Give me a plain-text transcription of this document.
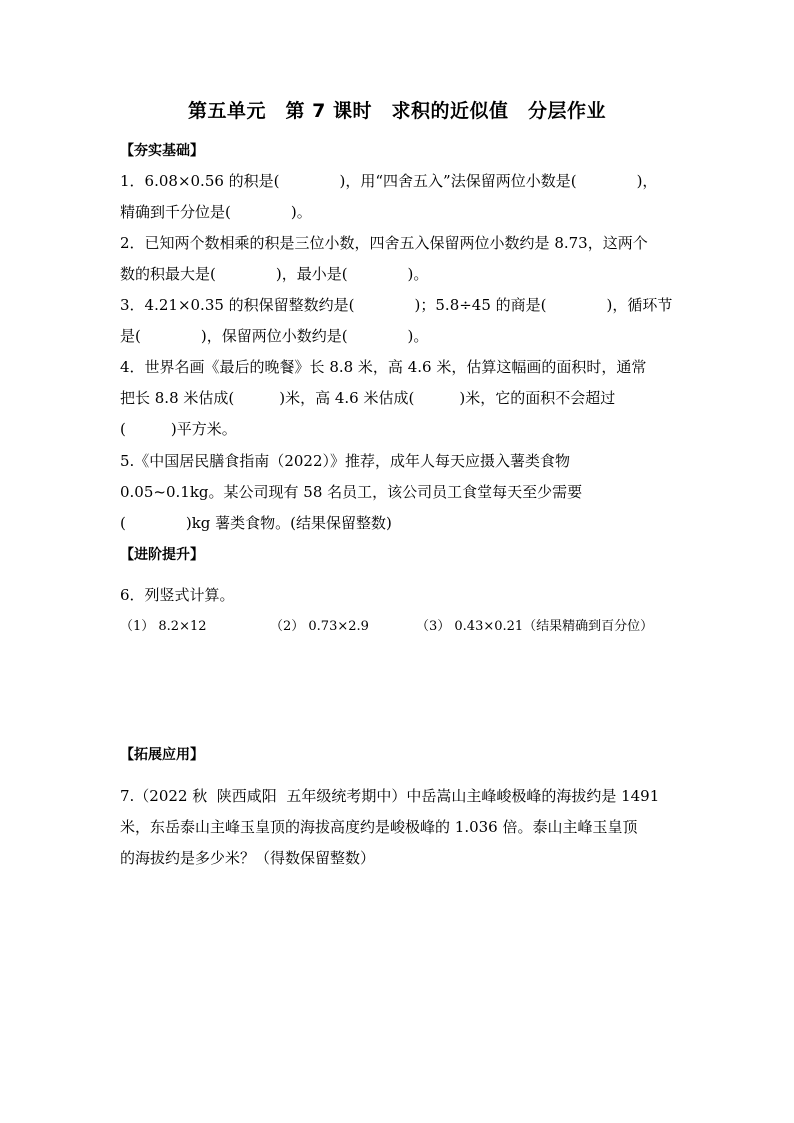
第五单元　第 7 课时　求积的近似值　分层作业
【夯实基础】
1．6.08×0.56 的积是(　　　　)，用“四舍五入”法保留两位小数是(　　　　)，
精确到千分位是(　　　　)。
2．已知两个数相乘的积是三位小数，四舍五入保留两位小数约是 8.73，这两个
数的积最大是(　　　　)，最小是(　　　　)。
3．4.21×0.35 的积保留整数约是(　　　　)；5.8÷45 的商是(　　　　)，循环节
是(　　　　)，保留两位小数约是(　　　　)。
4．世界名画《最后的晚餐》长 8.8 米，高 4.6 米，估算这幅画的面积时，通常
把长 8.8 米估成(　　　)米，高 4.6 米估成(　　　)米，它的面积不会超过
(　　　)平方米。
5.《中国居民膳食指南（2022）》推荐，成年人每天应摄入薯类食物
0.05~0.1kg。某公司现有 58 名员工，该公司员工食堂每天至少需要
(　　　　)kg 薯类食物。(结果保留整数)
【进阶提升】
6．列竖式计算。
（1） 8.2×12	（2） 0.73×2.9	（3） 0.43×0.21（结果精确到百分位）
【拓展应用】
7.（2022 秋  陕西咸阳  五年级统考期中）中岳嵩山主峰峻极峰的海拔约是 1491
米，东岳泰山主峰玉皇顶的海拔高度约是峻极峰的 1.036 倍。泰山主峰玉皇顶
的海拔约是多少米？（得数保留整数）
